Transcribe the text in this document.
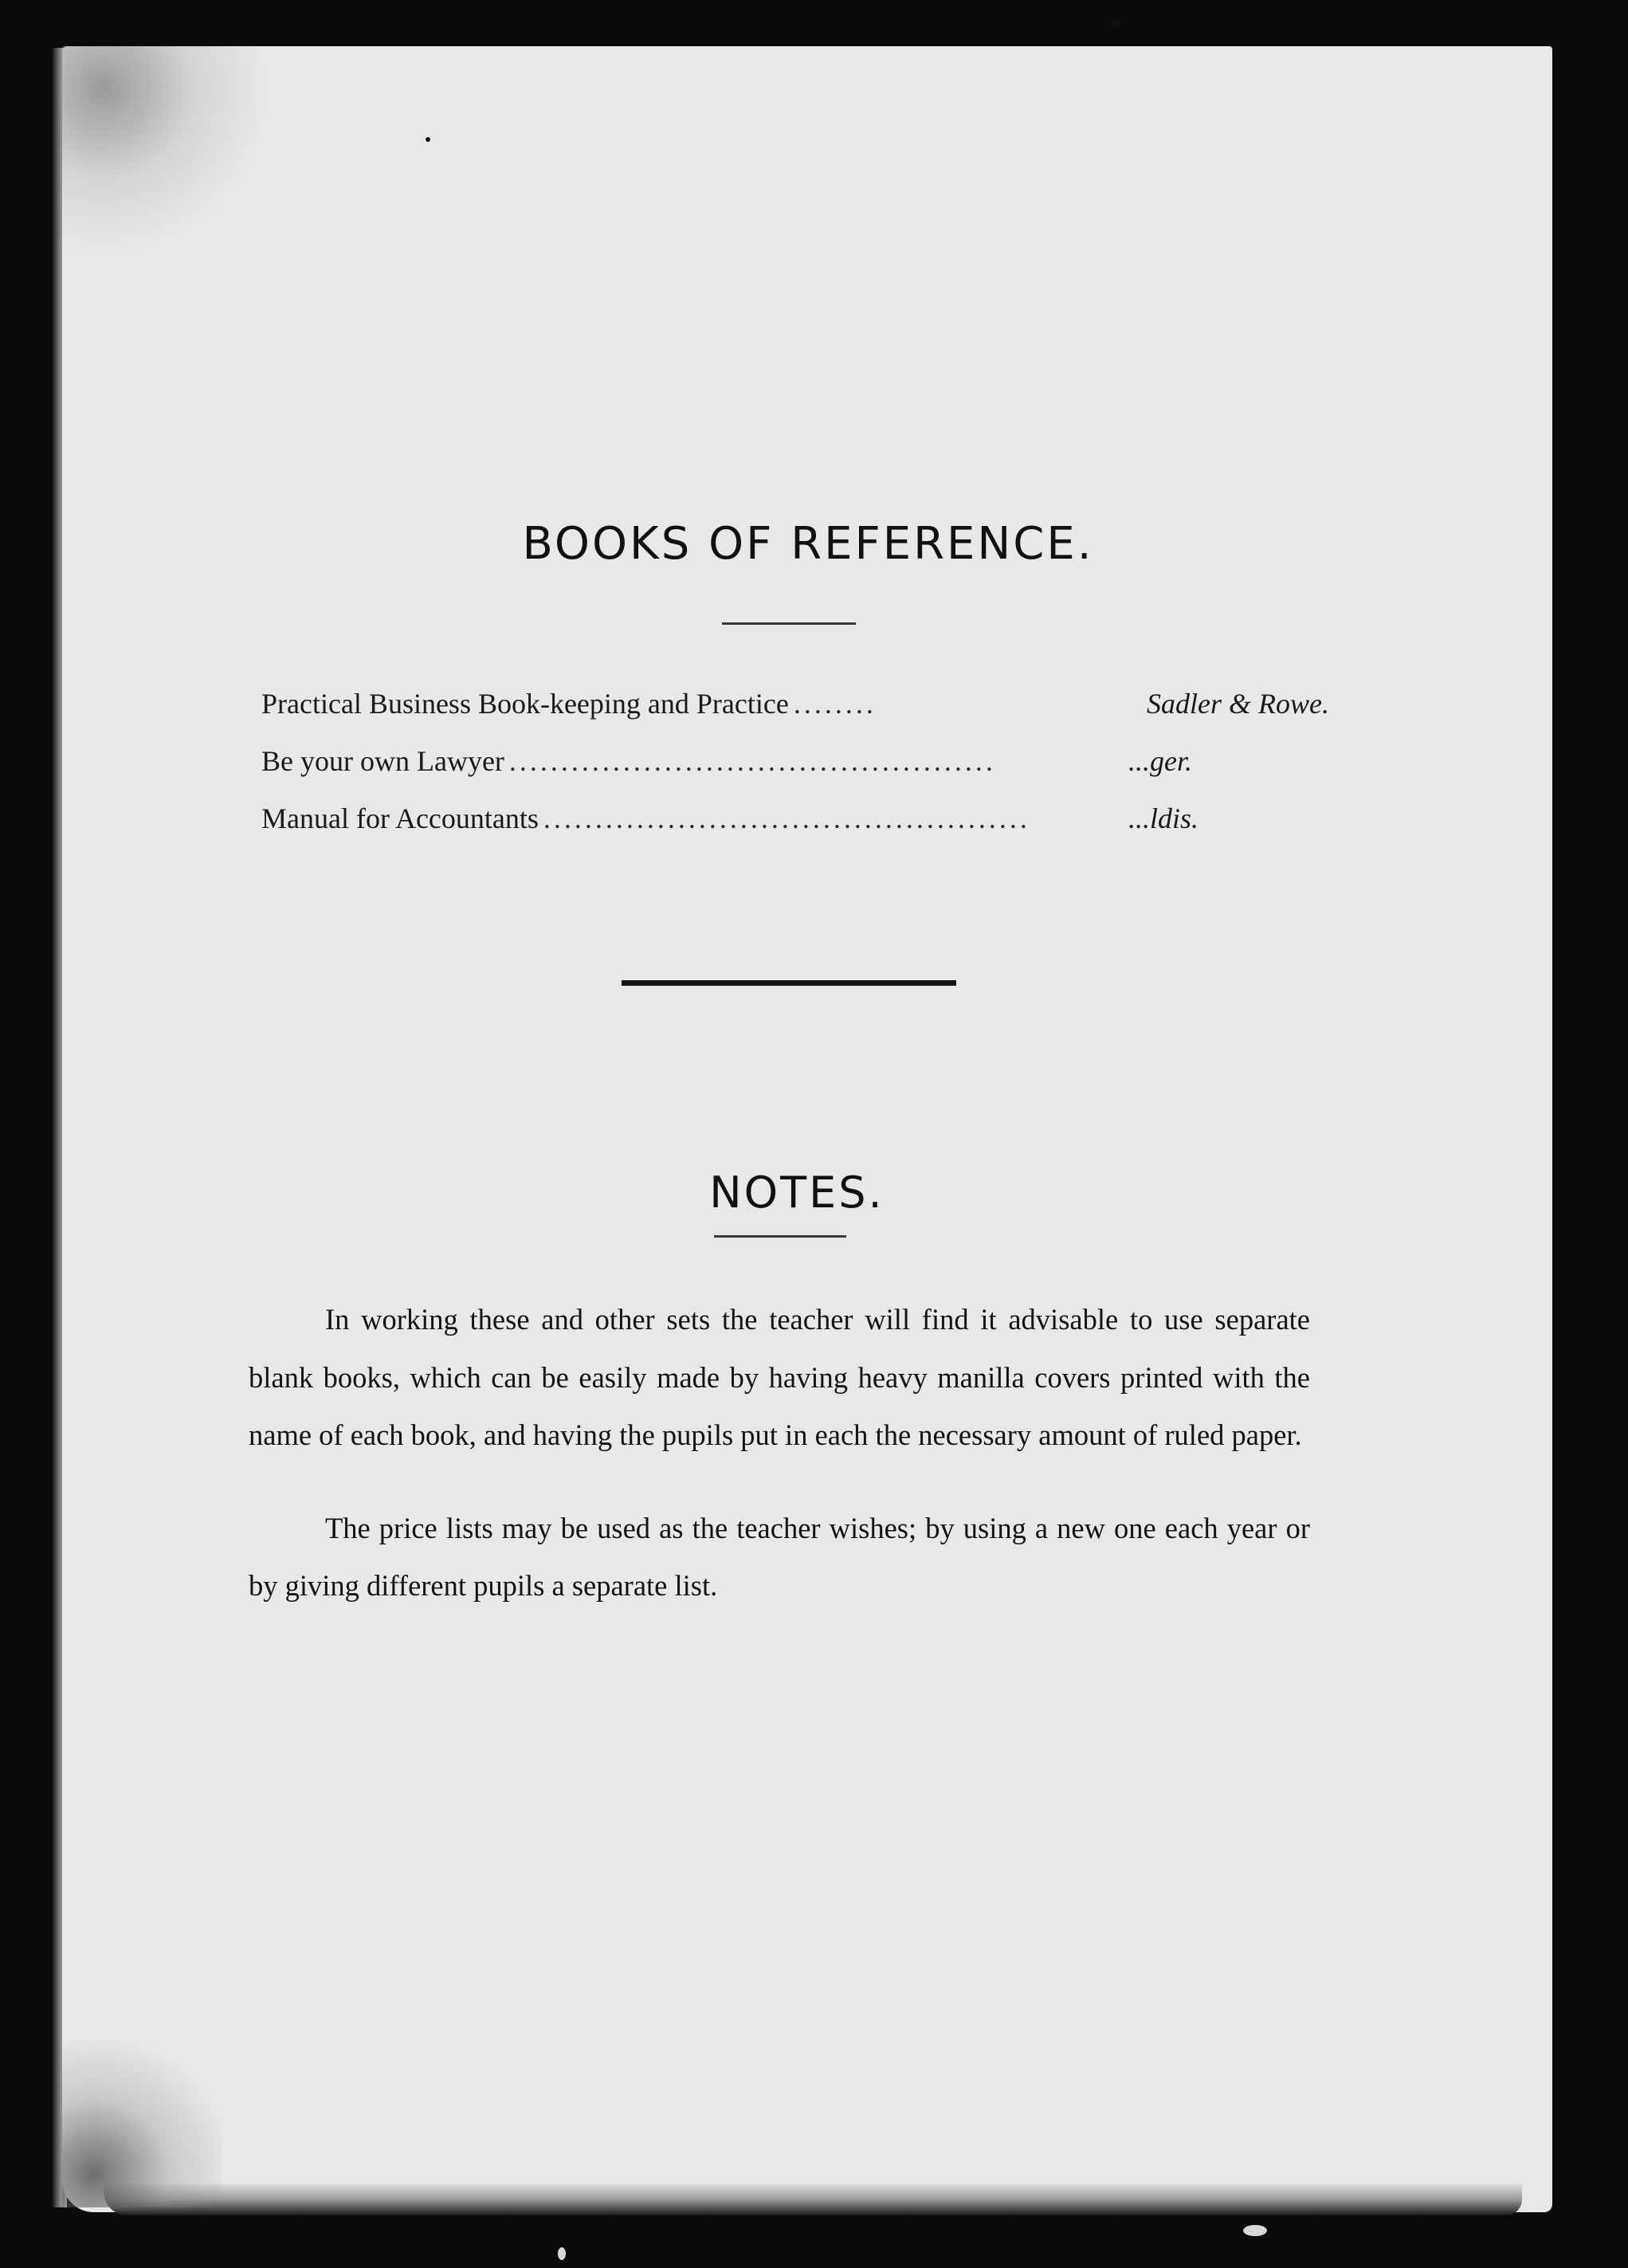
BOOKS OF REFERENCE.
Practical Business Book-keeping and Practice ........	Sadler & Rowe.
Be your own Lawyer ...............................................	...ger.
Manual for Accountants ...............................................	...ldis.
NOTES.

In working these and other sets the teacher will find it advisable to use separate blank books, which can be easily made by having heavy manilla covers printed with the name of each book, and having the pupils put in each the necessary amount of ruled paper.

The price lists may be used as the teacher wishes; by using a new one each year or by giving different pupils a separate list.
